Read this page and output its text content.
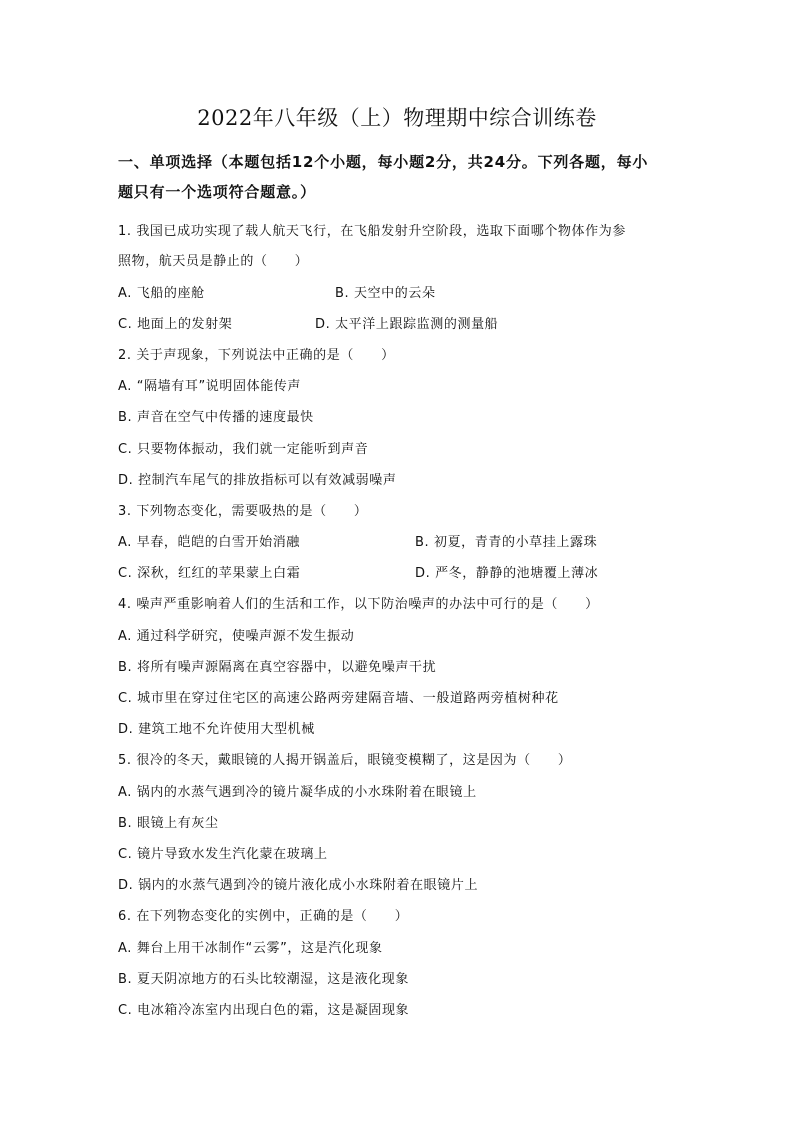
2022年八年级（上）物理期中综合训练卷
一、单项选择（本题包括12个小题，每小题2分，共24分。下列各题，每小
题只有一个选项符合题意。）
1. 我国已成功实现了载人航天飞行，在飞船发射升空阶段，选取下面哪个物体作为参
照物，航天员是静止的（　　）
A. 飞船的座舱	B. 天空中的云朵
C. 地面上的发射架	D. 太平洋上跟踪监测的测量船
2. 关于声现象，下列说法中正确的是（　　）
A. “隔墙有耳”说明固体能传声
B. 声音在空气中传播的速度最快
C. 只要物体振动，我们就一定能听到声音
D. 控制汽车尾气的排放指标可以有效减弱噪声
3. 下列物态变化，需要吸热的是（　　）
A. 早春，皑皑的白雪开始消融	B. 初夏，青青的小草挂上露珠
C. 深秋，红红的苹果蒙上白霜	D. 严冬，静静的池塘覆上薄冰
4. 噪声严重影响着人们的生活和工作，以下防治噪声的办法中可行的是（　　）
A. 通过科学研究，使噪声源不发生振动
B. 将所有噪声源隔离在真空容器中，以避免噪声干扰
C. 城市里在穿过住宅区的高速公路两旁建隔音墙、一般道路两旁植树种花
D. 建筑工地不允许使用大型机械
5. 很冷的冬天，戴眼镜的人揭开锅盖后，眼镜变模糊了，这是因为（　　）
A. 锅内的水蒸气遇到冷的镜片凝华成的小水珠附着在眼镜上
B. 眼镜上有灰尘
C. 镜片导致水发生汽化蒙在玻璃上
D. 锅内的水蒸气遇到冷的镜片液化成小水珠附着在眼镜片上
6. 在下列物态变化的实例中，正确的是（　　）
A. 舞台上用干冰制作“云雾”，这是汽化现象
B. 夏天阴凉地方的石头比较潮湿，这是液化现象
C. 电冰箱冷冻室内出现白色的霜，这是凝固现象
